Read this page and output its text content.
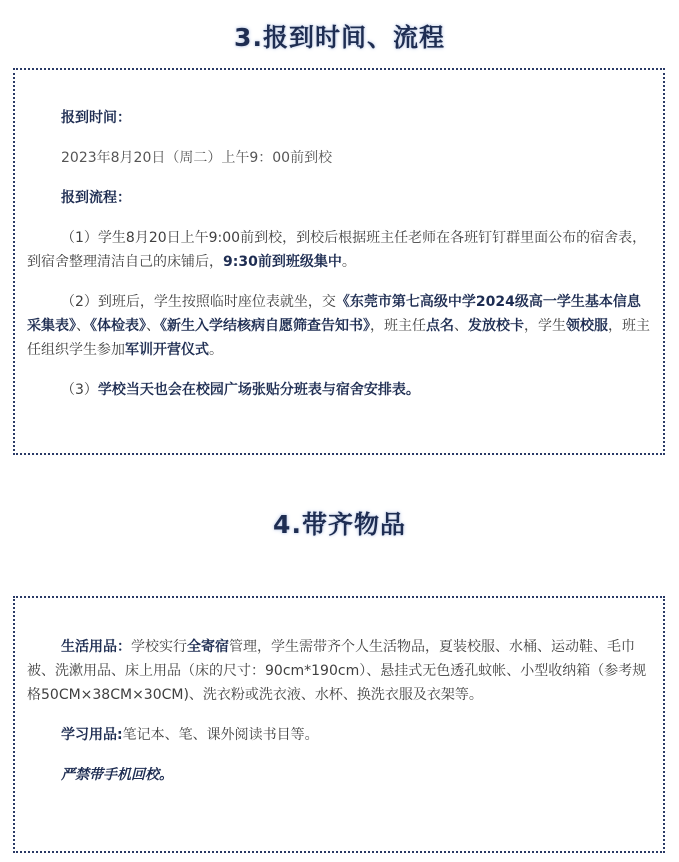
3.报到时间、流程

报到时间：

2023年8月20日（周二）上午9：00前到校

报到流程：

（1）学生8月20日上午9:00前到校，到校后根据班主任老师在各班钉钉群里面公布的宿舍表，到宿舍整理清洁自己的床铺后，9:30前到班级集中。

（2）到班后，学生按照临时座位表就坐，交《东莞市第七高级中学2024级高一学生基本信息采集表》、《体检表》、《新生入学结核病自愿筛查告知书》，班主任点名、发放校卡，学生领校服，班主任组织学生参加军训开营仪式。

（3）学校当天也会在校园广场张贴分班表与宿舍安排表。

4.带齐物品

生活用品：学校实行全寄宿管理，学生需带齐个人生活物品，夏装校服、水桶、运动鞋、毛巾被、洗漱用品、床上用品（床的尺寸：90cm*190cm）、悬挂式无色透孔蚊帐、小型收纳箱（参考规格50CM×38CM×30CM)、洗衣粉或洗衣液、水杯、换洗衣服及衣架等。

学习用品:笔记本、笔、课外阅读书目等。

严禁带手机回校。
